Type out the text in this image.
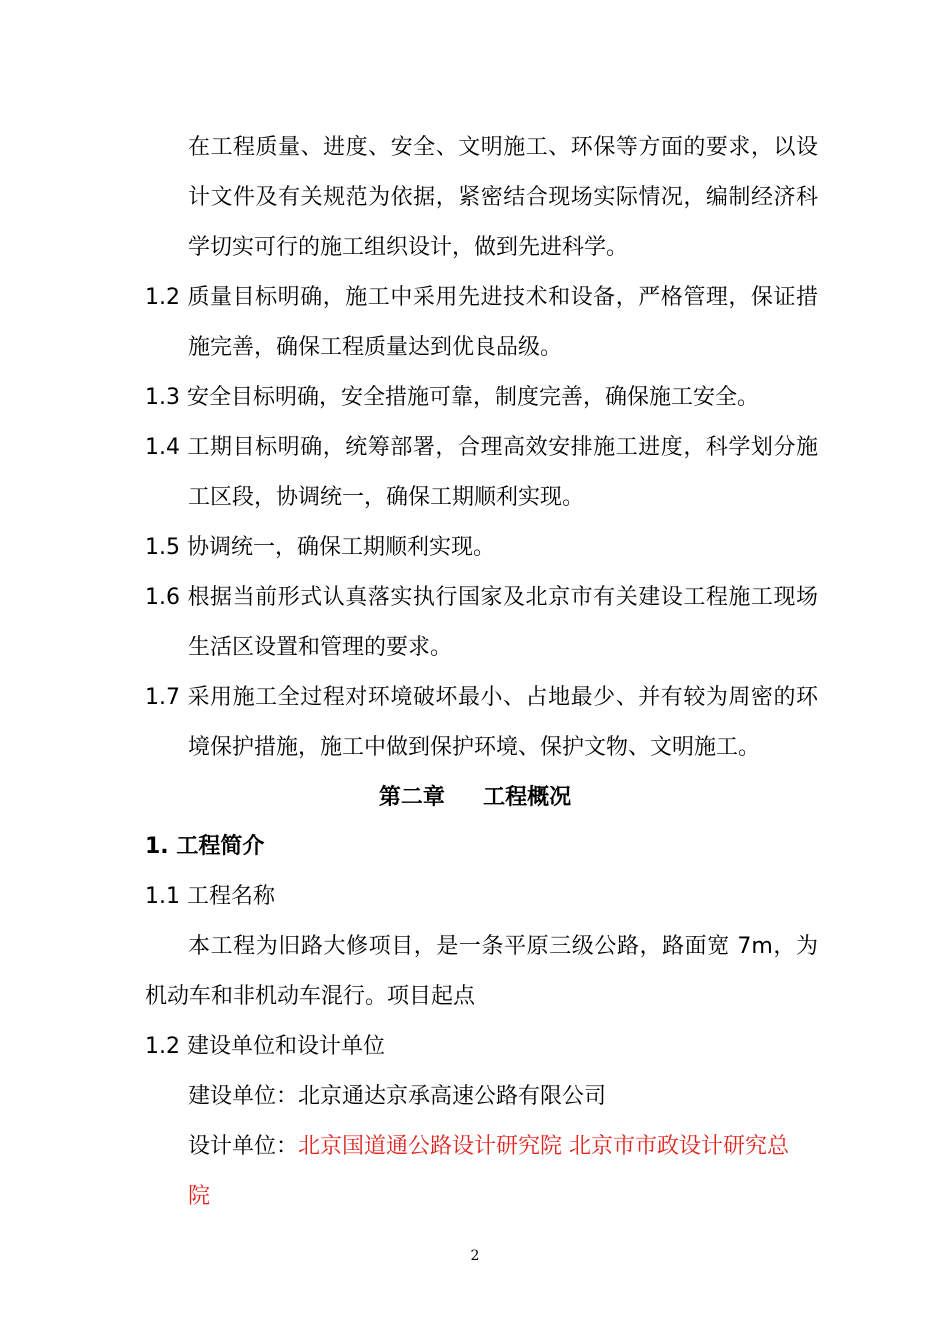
在工程质量、进度、安全、文明施工、环保等方面的要求，以设
计文件及有关规范为依据，紧密结合现场实际情况，编制经济科
学切实可行的施工组织设计，做到先进科学。
1.2 质量目标明确，施工中采用先进技术和设备，严格管理，保证措
施完善，确保工程质量达到优良品级。
1.3 安全目标明确，安全措施可靠，制度完善，确保施工安全。
1.4 工期目标明确，统筹部署，合理高效安排施工进度，科学划分施
工区段，协调统一，确保工期顺利实现。
1.5 协调统一，确保工期顺利实现。
1.6 根据当前形式认真落实执行国家及北京市有关建设工程施工现场
生活区设置和管理的要求。
1.7 采用施工全过程对环境破坏最小、占地最少、并有较为周密的环
境保护措施，施工中做到保护环境、保护文物、文明施工。
第二章     工程概况
1. 工程简介
1.1 工程名称
本工程为旧路大修项目，是一条平原三级公路，路面宽 7m，为
机动车和非机动车混行。项目起点
1.2 建设单位和设计单位
建设单位：北京通达京承高速公路有限公司
设计单位：北京国道通公路设计研究院 北京市市政设计研究总
院
2
